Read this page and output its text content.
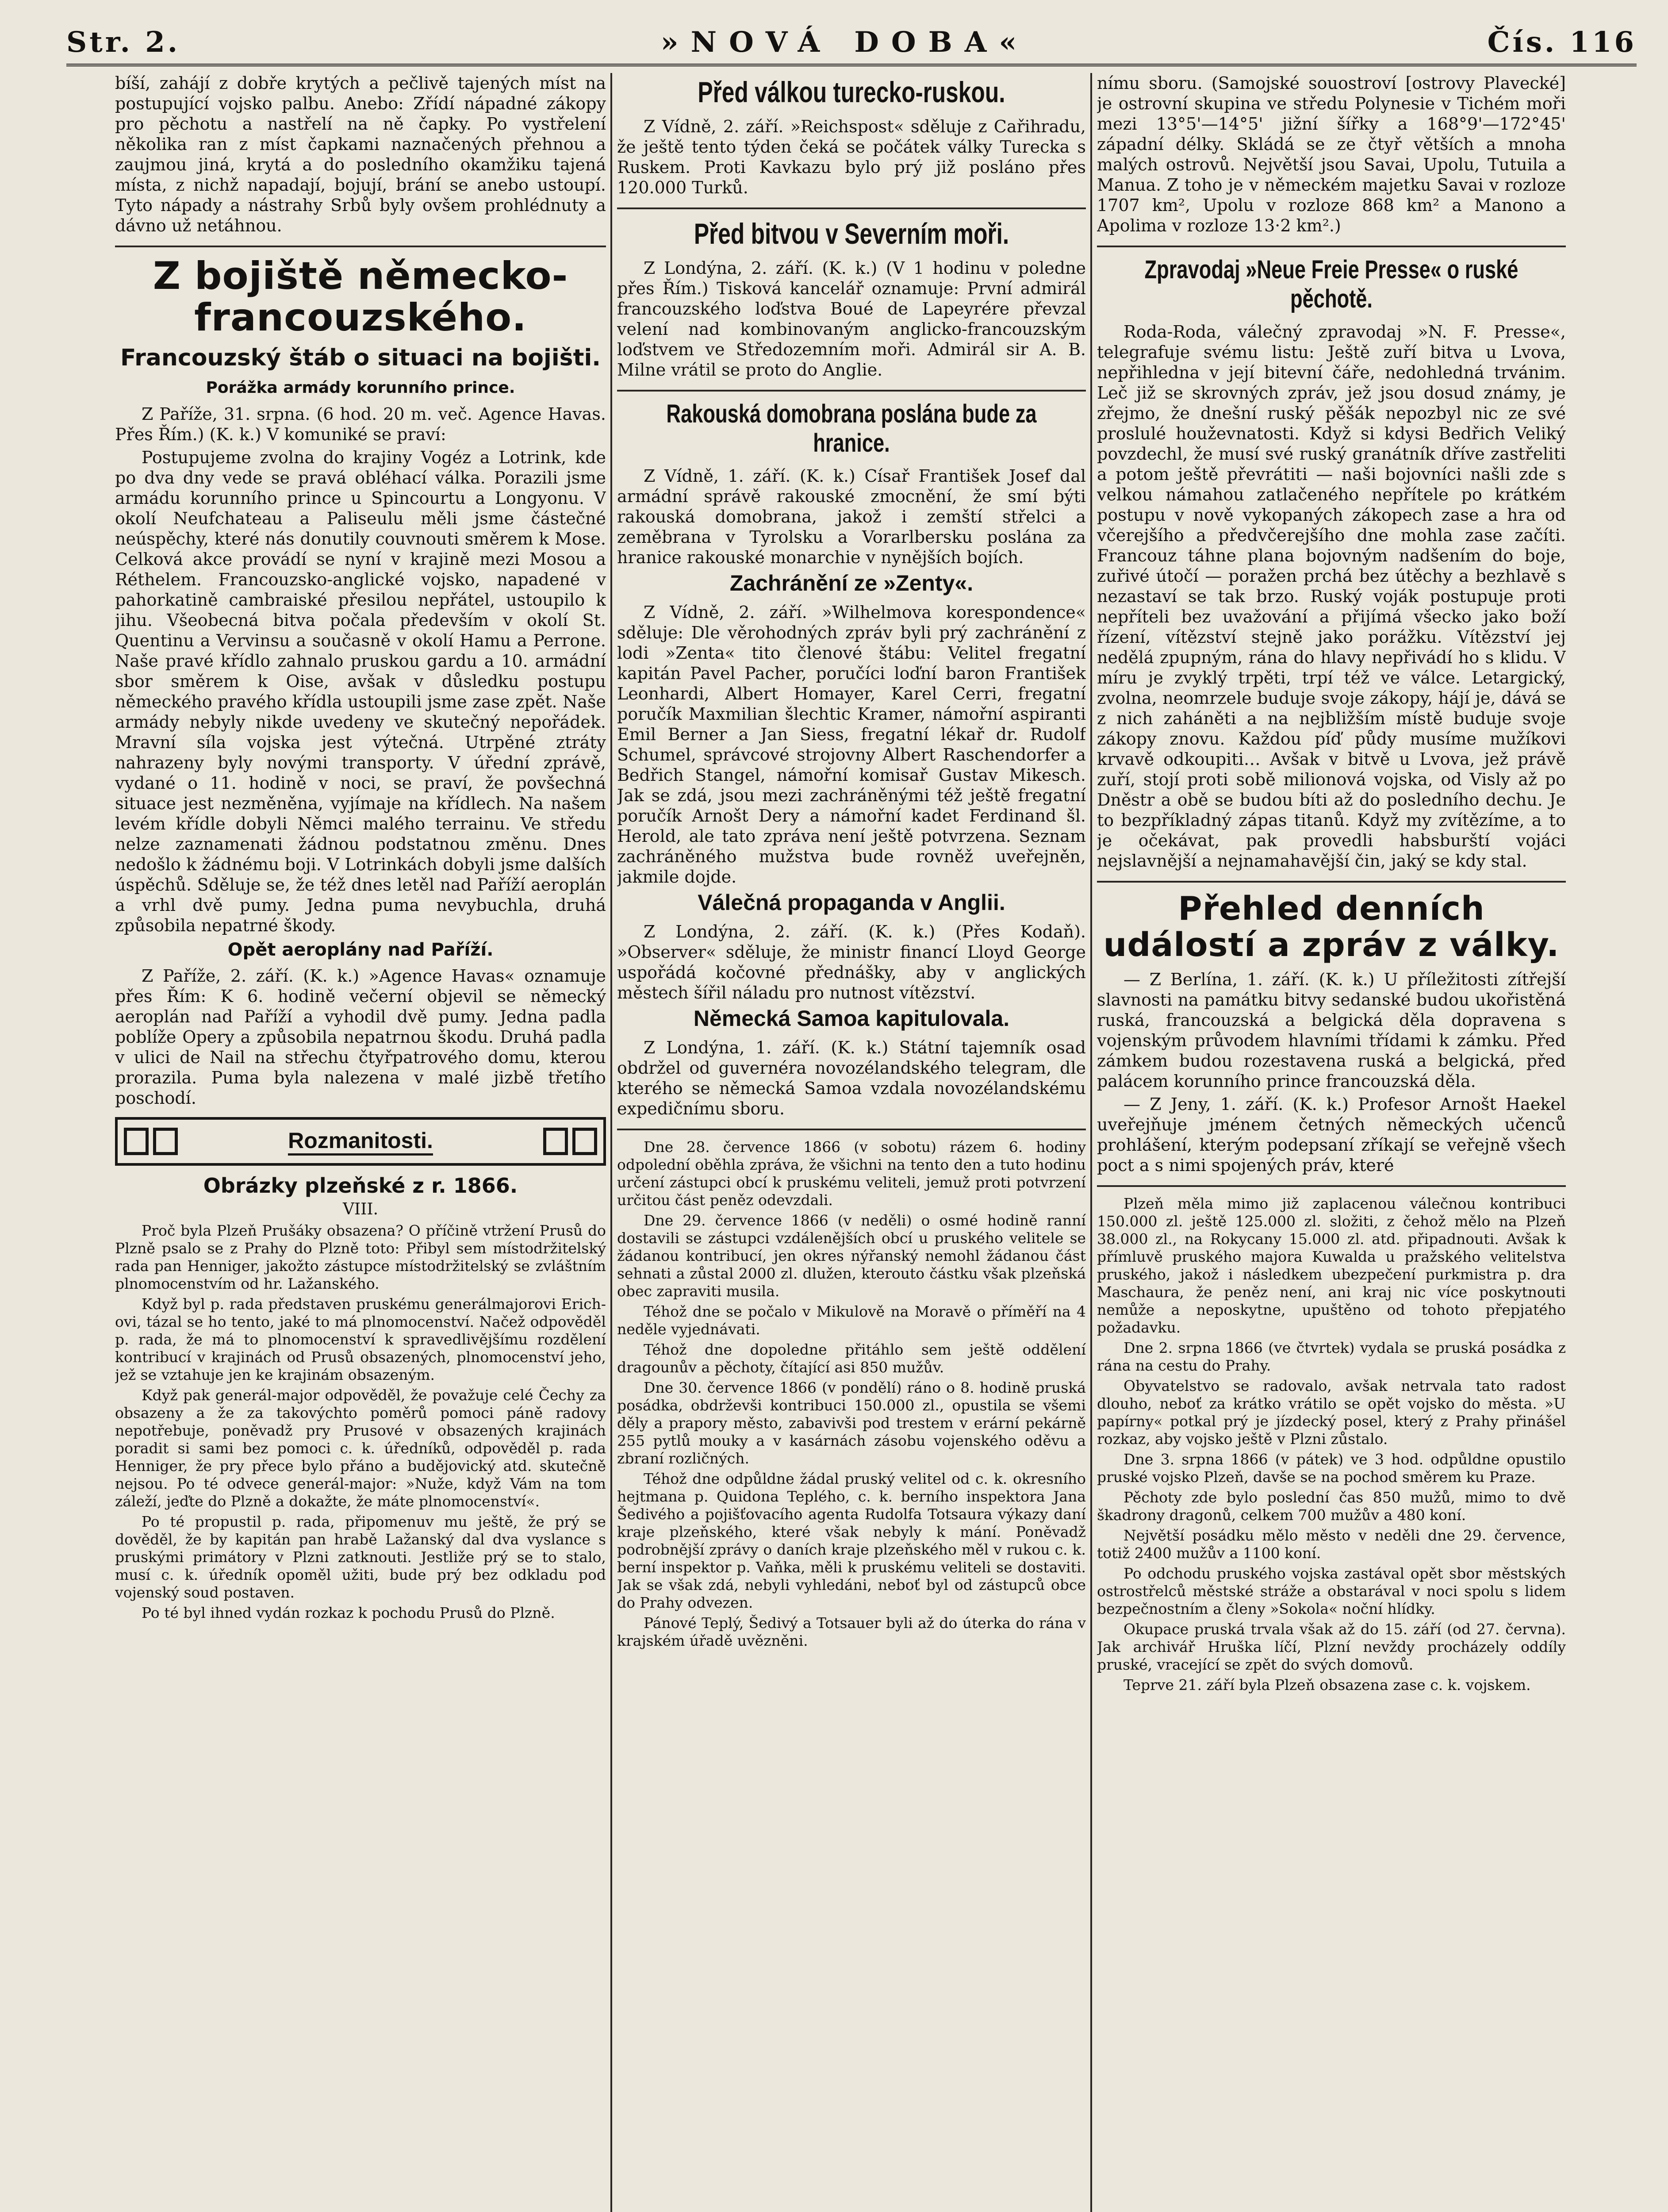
Str. 2.	»NOVÁ DOBA«	Čís. 116

bíší, zahájí z dobře krytých a pečlivě tajených míst na postupující vojsko palbu. Anebo: Zřídí nápadné zákopy pro pěchotu a nastřelí na ně čapky. Po vystřelení několika ran z míst čapkami naznačených přehnou a zaujmou jiná, krytá a do posledního okamžiku tajená místa, z nichž napadají, bojují, brání se anebo ustoupí. Tyto nápady a nástrahy Srbů byly ovšem prohlédnuty a dávno už netáhnou.

Z bojiště německo-francouzského.
Francouzský štáb o situaci na bojišti.
Porážka armády korunního prince.

Z Paříže, 31. srpna. (6 hod. 20 m. več. Agence Havas. Přes Řím.) (K. k.) V komuniké se praví:

Postupujeme zvolna do krajiny Vogéz a Lotrink, kde po dva dny vede se pravá obléhací válka. Porazili jsme armádu korunního prince u Spincourtu a Longyonu. V okolí Neufchateau a Paliseulu měli jsme částečné neúspěchy, které nás donutily couvnouti směrem k Mose. Celková akce provádí se nyní v krajině mezi Mosou a Réthelem. Francouzsko-anglické vojsko, napadené v pahorkatině cambraiské přesilou nepřátel, ustoupilo k jihu. Všeobecná bitva počala především v okolí St. Quentinu a Vervinsu a současně v okolí Hamu a Perrone. Naše pravé křídlo zahnalo pruskou gardu a 10. armádní sbor směrem k Oise, avšak v důsledku postupu německého pravého křídla ustoupili jsme zase zpět. Naše armády nebyly nikde uvedeny ve skutečný nepořádek. Mravní síla vojska jest výtečná. Utrpěné ztráty nahrazeny byly novými transporty. V úřední zprávě, vydané o 11. hodině v noci, se praví, že povšechná situace jest nezměněna, vyjímaje na křídlech. Na našem levém křídle dobyli Němci malého terrainu. Ve středu nelze zaznamenati žádnou podstatnou změnu. Dnes nedošlo k žádnému boji. V Lotrinkách dobyli jsme dalších úspěchů. Sděluje se, že též dnes letěl nad Paříží aeroplán a vrhl dvě pumy. Jedna puma nevybuchla, druhá způsobila nepatrné škody.

Opět aeroplány nad Paříží.

Z Paříže, 2. září. (K. k.) »Agence Havas« oznamuje přes Řím: K 6. hodině večerní objevil se německý aeroplán nad Paříží a vyhodil dvě pumy. Jedna padla poblíže Opery a způsobila nepatrnou škodu. Druhá padla v ulici de Nail na střechu čtyřpatrového domu, kterou prorazila. Puma byla nalezena v malé jizbě třetího poschodí.

Rozmanitosti.
Obrázky plzeňské z r. 1866.
VIII.

Proč byla Plzeň Prušáky obsazena? O příčině vtržení Prusů do Plzně psalo se z Prahy do Plzně toto: Přibyl sem místodržitelský rada pan Henniger, jakožto zástupce místodržitelský se zvláštním plnomocenstvím od hr. Lažanského.

Když byl p. rada představen pruskému generálmajorovi Erich-ovi, tázal se ho tento, jaké to má plnomocenství. Načež odpověděl p. rada, že má to plnomocenství k spravedlivějšímu rozdělení kontribucí v krajinách od Prusů obsazených, plnomocenství jeho, jež se vztahuje jen ke krajinám obsazeným.

Když pak generál-major odpověděl, že považuje celé Čechy za obsazeny a že za takovýchto poměrů pomoci páně radovy nepotřebuje, poněvadž pry Prusové v obsazených krajinách poradit si sami bez pomoci c. k. úředníků, odpověděl p. rada Henniger, že pry přece bylo přáno a budějovický atd. skutečně nejsou. Po té odvece generál-major: »Nuže, když Vám na tom záleží, jeďte do Plzně a dokažte, že máte plnomocenství«.

Po té propustil p. rada, připomenuv mu ještě, že prý se dověděl, že by kapitán pan hrabě Lažanský dal dva vyslance s pruskými primátory v Plzni zatknouti. Jestliže prý se to stalo, musí c. k. úředník opoměl užiti, bude prý bez odkladu pod vojenský soud postaven.

Po té byl ihned vydán rozkaz k pochodu Prusů do Plzně.

Před válkou turecko-ruskou.

Z Vídně, 2. září. »Reichspost« sděluje z Cařihradu, že ještě tento týden čeká se počátek války Turecka s Ruskem. Proti Kavkazu bylo prý již posláno přes 120.000 Turků.

Před bitvou v Severním moři.

Z Londýna, 2. září. (K. k.) (V 1 hodinu v poledne přes Řím.) Tisková kancelář oznamuje: První admirál francouzského loďstva Boué de Lapeyrére převzal velení nad kombinovaným anglicko-francouzským loďstvem ve Středozemním moři. Admirál sir A. B. Milne vrátil se proto do Anglie.

Rakouská domobrana poslána bude za hranice.

Z Vídně, 1. září. (K. k.) Císař František Josef dal armádní správě rakouské zmocnění, že smí býti rakouská domobrana, jakož i zemští střelci a zeměbrana v Tyrolsku a Vorarlbersku poslána za hranice rakouské monarchie v nynějších bojích.

Zachránění ze »Zenty«.

Z Vídně, 2. září. »Wilhelmova korespondence« sděluje: Dle věrohodných zpráv byli prý zachránění z lodi »Zenta« tito členové štábu: Velitel fregatní kapitán Pavel Pacher, poručíci loďní baron František Leonhardi, Albert Homayer, Karel Cerri, fregatní poručík Maxmilian šlechtic Kramer, námořní aspiranti Emil Berner a Jan Siess, fregatní lékař dr. Rudolf Schumel, správcové strojovny Albert Raschendorfer a Bedřich Stangel, námořní komisař Gustav Mikesch. Jak se zdá, jsou mezi zachráněnými též ještě fregatní poručík Arnošt Dery a námořní kadet Ferdinand šl. Herold, ale tato zpráva není ještě potvrzena. Seznam zachráněného mužstva bude rovněž uveřejněn, jakmile dojde.

Válečná propaganda v Anglii.

Z Londýna, 2. září. (K. k.) (Přes Kodaň). »Observer« sděluje, že ministr financí Lloyd George uspořádá kočovné přednášky, aby v anglických městech šířil náladu pro nutnost vítězství.

Německá Samoa kapitulovala.

Z Londýna, 1. září. (K. k.) Státní tajemník osad obdržel od guvernéra novozélandského telegram, dle kterého se německá Samoa vzdala novozélandskému expedičnímu sboru.

Dne 28. července 1866 (v sobotu) rázem 6. hodiny odpolední oběhla zpráva, že všichni na tento den a tuto hodinu určení zástupci obcí k pruskému veliteli, jemuž proti potvrzení určitou část peněz odevzdali.

Dne 29. července 1866 (v neděli) o osmé hodině ranní dostavili se zástupci vzdálenějších obcí u pruského velitele se žádanou kontribucí, jen okres nýřanský nemohl žádanou část sehnati a zůstal 2000 zl. dlužen, kterouto částku však plzeňská obec zapraviti musila.

Téhož dne se počalo v Mikulově na Moravě o příměří na 4 neděle vyjednávati.

Téhož dne dopoledne přitáhlo sem ještě oddělení dragounův a pěchoty, čítající asi 850 mužův.

Dne 30. července 1866 (v pondělí) ráno o 8. hodině pruská posádka, obdrževši kontribuci 150.000 zl., opustila se všemi děly a prapory město, zabavivši pod trestem v erární pekárně 255 pytlů mouky a v kasárnách zásobu vojenského oděvu a zbraní rozličných.

Téhož dne odpůldne žádal pruský velitel od c. k. okresního hejtmana p. Quidona Teplého, c. k. berního inspektora Jana Šedivého a pojišťovacího agenta Rudolfa Totsaura výkazy daní kraje plzeňského, které však nebyly k mání. Poněvadž podrobnější zprávy o daních kraje plzeňského měl v rukou c. k. berní inspektor p. Vaňka, měli k pruskému veliteli se dostaviti. Jak se však zdá, nebyli vyhledáni, neboť byl od zástupců obce do Prahy odvezen.

Pánové Teplý, Šedivý a Totsauer byli až do úterka do rána v krajském úřadě uvězněni.

nímu sboru. (Samojské souostroví [ostrovy Plavecké] je ostrovní skupina ve středu Polynesie v Tichém moři mezi 13°5'—14°5' jižní šířky a 168°9'—172°45' západní délky. Skládá se ze čtyř větších a mnoha malých ostrovů. Největší jsou Savai, Upolu, Tutuila a Manua. Z toho je v německém majetku Savai v rozloze 1707 km², Upolu v rozloze 868 km² a Manono a Apolima v rozloze 13·2 km².)

Zpravodaj »Neue Freie Presse« o ruské pěchotě.

Roda-Roda, válečný zpravodaj »N. F. Presse«, telegrafuje svému listu: Ještě zuří bitva u Lvova, nepřihledna v její bitevní čáře, nedohledná trvánim. Leč již se skrovných zpráv, jež jsou dosud známy, je zřejmo, že dnešní ruský pěšák nepozbyl nic ze své proslulé houževnatosti. Když si kdysi Bedřich Veliký povzdechl, že musí své ruský granátník dříve zastřeliti a potom ještě převrátiti — naši bojovníci našli zde s velkou námahou zatlačeného nepřítele po krátkém postupu v nově vykopaných zákopech zase a hra od včerejšího a předvčerejšího dne mohla zase začíti. Francouz táhne plana bojovným nadšením do boje, zuřivé útočí — poražen prchá bez útěchy a bezhlavě s nezastaví se tak brzo. Ruský voják postupuje proti nepříteli bez uvažování a přijímá všecko jako boží řízení, vítězství stejně jako porážku. Vítězství jej nedělá zpupným, rána do hlavy nepřivádí ho s klidu. V míru je zvyklý trpěti, trpí též ve válce. Letargický, zvolna, neomrzele buduje svoje zákopy, hájí je, dává se z nich zaháněti a na nejbližším místě buduje svoje zákopy znovu. Každou píď půdy musíme mužíkovi krvavě odkoupiti… Avšak v bitvě u Lvova, jež právě zuří, stojí proti sobě milionová vojska, od Visly až po Dněstr a obě se budou bíti až do posledního dechu. Je to bezpříkladný zápas titanů. Když my zvítězíme, a to je očekávat, pak provedli habsburští vojáci nejslavnější a nejnamahavější čin, jaký se kdy stal.

Přehled denních událostí a zpráv z války.

— Z Berlína, 1. září. (K. k.) U příležitosti zítřejší slavnosti na památku bitvy sedanské budou ukořistěná ruská, francouzská a belgická děla dopravena s vojenským průvodem hlavními třídami k zámku. Před zámkem budou rozestavena ruská a belgická, před palácem korunního prince francouzská děla.

— Z Jeny, 1. září. (K. k.) Profesor Arnošt Haekel uveřejňuje jménem četných německých učenců prohlášení, kterým podepsaní zříkají se veřejně všech poct a s nimi spojených práv, které

Plzeň měla mimo již zaplacenou válečnou kontribuci 150.000 zl. ještě 125.000 zl. složiti, z čehož mělo na Plzeň 38.000 zl., na Rokycany 15.000 zl. atd. připadnouti. Avšak k přímluvě pruského majora Kuwalda u pražského velitelstva pruského, jakož i následkem ubezpečení purkmistra p. dra Maschaura, že peněz není, ani kraj nic více poskytnouti nemůže a neposkytne, upuštěno od tohoto přepjatého požadavku.

Dne 2. srpna 1866 (ve čtvrtek) vydala se pruská posádka z rána na cestu do Prahy.

Obyvatelstvo se radovalo, avšak netrvala tato radost dlouho, neboť za krátko vrátilo se opět vojsko do města. »U papírny« potkal prý je jízdecký posel, který z Prahy přinášel rozkaz, aby vojsko ještě v Plzni zůstalo.

Dne 3. srpna 1866 (v pátek) ve 3 hod. odpůldne opustilo pruské vojsko Plzeň, davše se na pochod směrem ku Praze.

Pěchoty zde bylo poslední čas 850 mužů, mimo to dvě škadrony dragonů, celkem 700 mužův a 480 koní.

Největší posádku mělo město v neděli dne 29. července, totiž 2400 mužův a 1100 koní.

Po odchodu pruského vojska zastával opět sbor městských ostrostřelců městské stráže a obstarával v noci spolu s lidem bezpečnostním a členy »Sokola« noční hlídky.

Okupace pruská trvala však až do 15. září (od 27. června). Jak archivář Hruška líčí, Plzní nevždy procházely oddíly pruské, vracející se zpět do svých domovů.

Teprve 21. září byla Plzeň obsazena zase c. k. vojskem.
